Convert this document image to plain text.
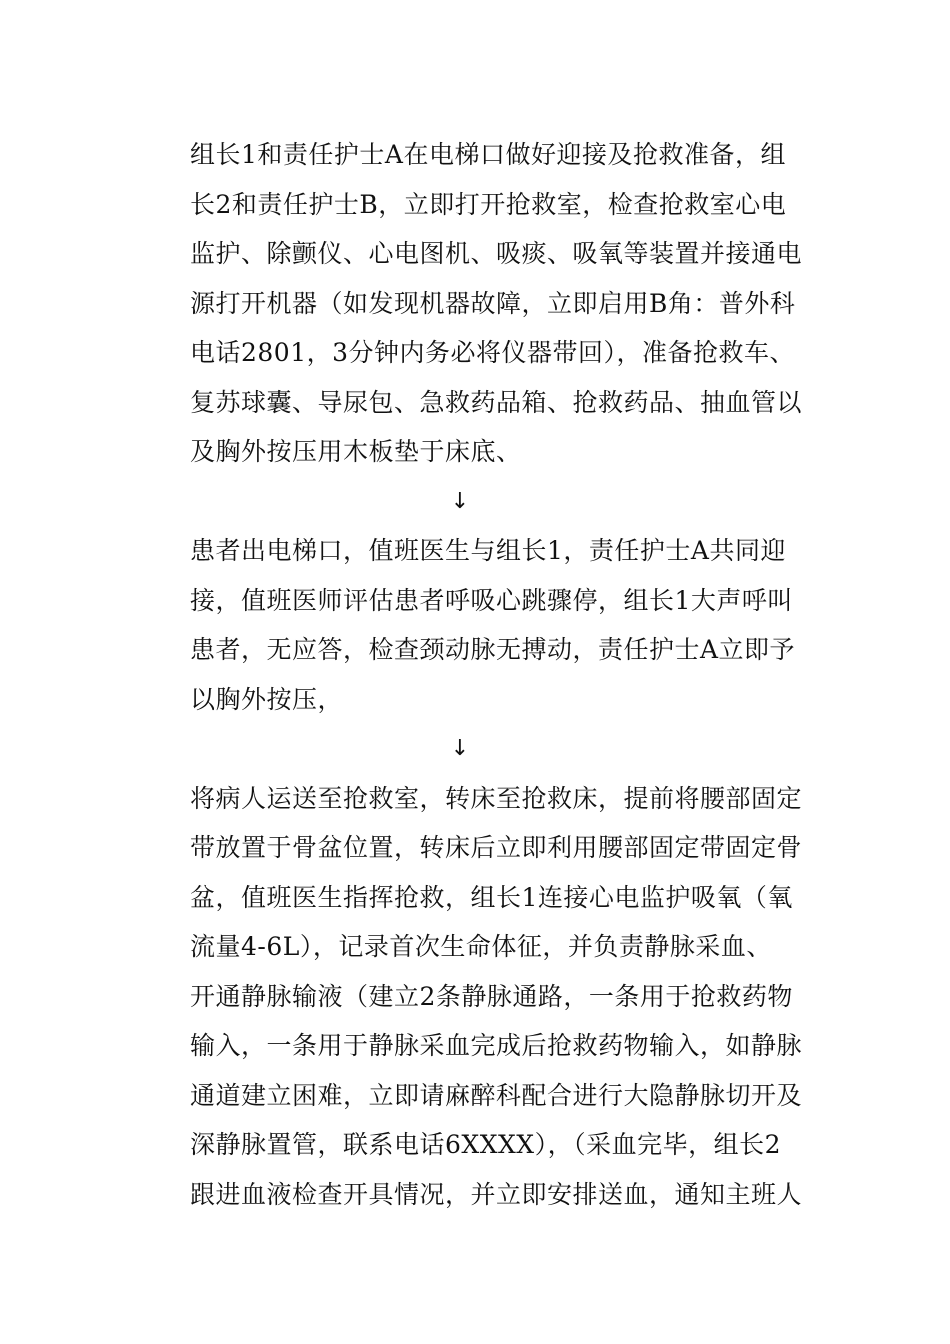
组长1和责任护士A在电梯口做好迎接及抢救准备，组
长2和责任护士B，立即打开抢救室，检查抢救室心电
监护、除颤仪、心电图机、吸痰、吸氧等装置并接通电
源打开机器（如发现机器故障，立即启用B角：普外科
电话2801，3分钟内务必将仪器带回），准备抢救车、
复苏球囊、导尿包、急救药品箱、抢救药品、抽血管以
及胸外按压用木板垫于床底、
↓
患者出电梯口，值班医生与组长1，责任护士A共同迎
接，值班医师评估患者呼吸心跳骤停，组长1大声呼叫
患者，无应答，检查颈动脉无搏动，责任护士A立即予
以胸外按压，
↓
将病人运送至抢救室，转床至抢救床，提前将腰部固定
带放置于骨盆位置，转床后立即利用腰部固定带固定骨
盆，值班医生指挥抢救，组长1连接心电监护吸氧（氧
流量4-6L），记录首次生命体征，并负责静脉采血、
开通静脉输液（建立2条静脉通路，一条用于抢救药物
输入，一条用于静脉采血完成后抢救药物输入，如静脉
通道建立困难，立即请麻醉科配合进行大隐静脉切开及
深静脉置管，联系电话6XXXX），（采血完毕，组长2
跟进血液检查开具情况，并立即安排送血，通知主班人
